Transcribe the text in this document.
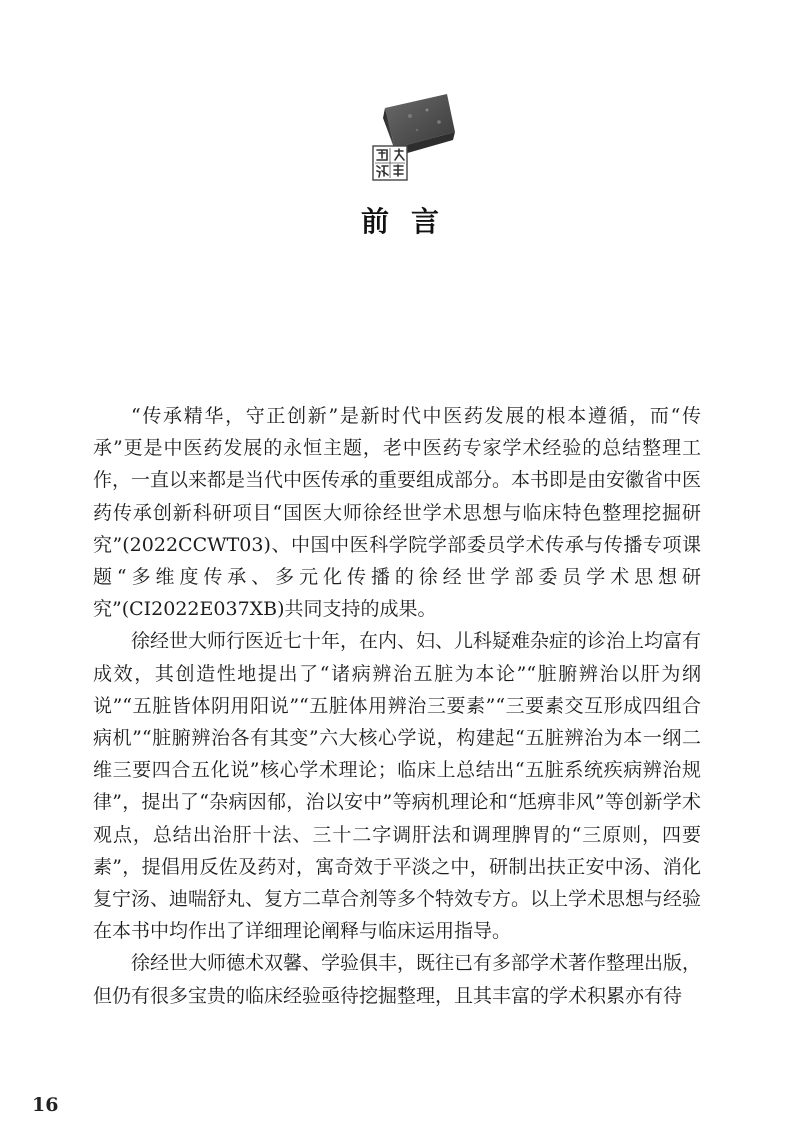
前言

“传承精华，守正创新”是新时代中医药发展的根本遵循，而“传承”更是中医药发展的永恒主题，老中医药专家学术经验的总结整理工作，一直以来都是当代中医传承的重要组成部分。本书即是由安徽省中医药传承创新科研项目“国医大师徐经世学术思想与临床特色整理挖掘研究”(2022CCWT03)、中国中医科学院学部委员学术传承与传播专项课题“多维度传承、多元化传播的徐经世学部委员学术思想研究”(CI2022E037XB)共同支持的成果。

徐经世大师行医近七十年，在内、妇、儿科疑难杂症的诊治上均富有成效，其创造性地提出了“诸病辨治五脏为本论”“脏腑辨治以肝为纲说”“五脏皆体阴用阳说”“五脏体用辨治三要素”“三要素交互形成四组合病机”“脏腑辨治各有其变”六大核心学说，构建起“五脏辨治为本一纲二维三要四合五化说”核心学术理论；临床上总结出“五脏系统疾病辨治规律”，提出了“杂病因郁，治以安中”等病机理论和“尪痹非风”等创新学术观点，总结出治肝十法、三十二字调肝法和调理脾胃的“三原则，四要素”，提倡用反佐及药对，寓奇效于平淡之中，研制出扶正安中汤、消化复宁汤、迪喘舒丸、复方二草合剂等多个特效专方。以上学术思想与经验在本书中均作出了详细理论阐释与临床运用指导。

徐经世大师德术双馨、学验俱丰，既往已有多部学术著作整理出版，但仍有很多宝贵的临床经验亟待挖掘整理，且其丰富的学术积累亦有待

16
